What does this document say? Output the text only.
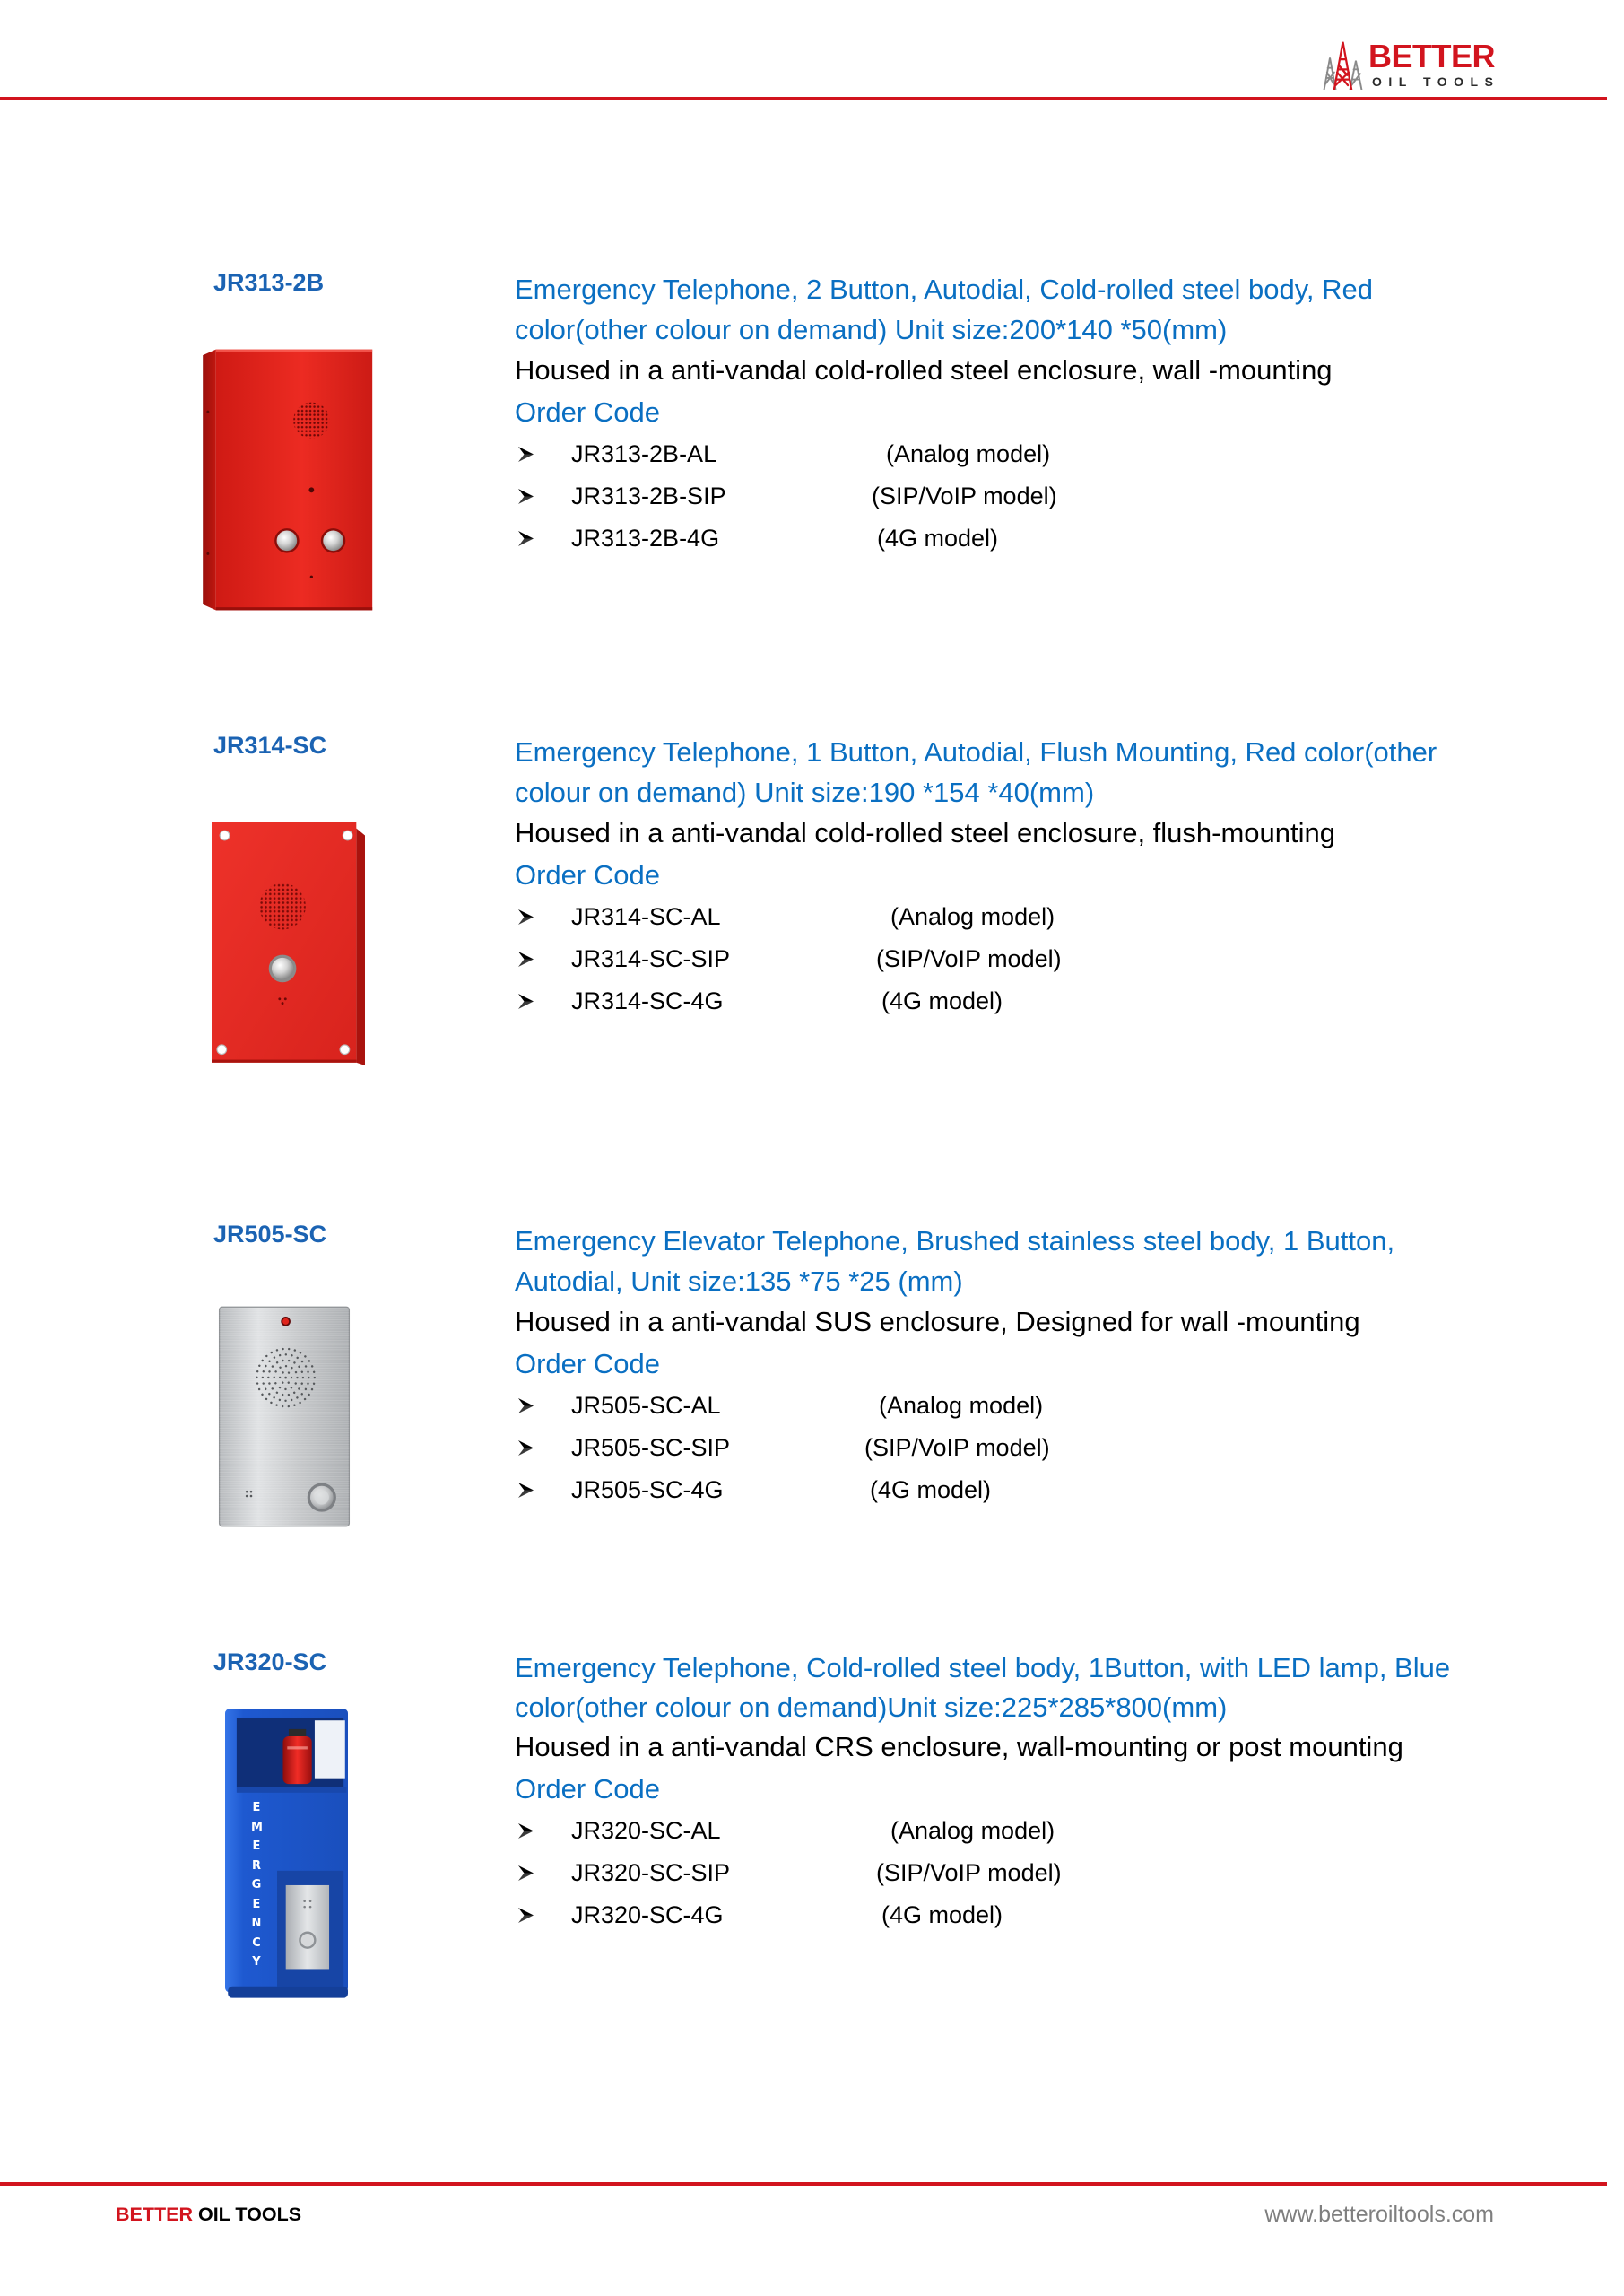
BETTER
OIL TOOLS
JR313-2B	Emergency Telephone, 2 Button, Autodial, Cold-rolled steel body, Red
color(other colour on demand) Unit size:200*140 *50(mm)
Housed in a anti-vandal cold-rolled steel enclosure, wall -mounting
Order Code
JR313-2B-AL	(Analog model)
JR313-2B-SIP	(SIP/VoIP model)
JR313-2B-4G	(4G model)
JR314-SC	Emergency Telephone, 1 Button, Autodial, Flush Mounting, Red color(other
colour on demand) Unit size:190 *154 *40(mm)
Housed in a anti-vandal cold-rolled steel enclosure, flush-mounting
Order Code
JR314-SC-AL	(Analog model)
JR314-SC-SIP	(SIP/VoIP model)
JR314-SC-4G	(4G model)
JR505-SC	Emergency Elevator Telephone, Brushed stainless steel body, 1 Button,
Autodial, Unit size:135 *75 *25 (mm)
Housed in a anti-vandal SUS enclosure, Designed for wall -mounting
Order Code
JR505-SC-AL	(Analog model)
JR505-SC-SIP	(SIP/VoIP model)
JR505-SC-4G	(4G model)
JR320-SC	Emergency Telephone, Cold-rolled steel body, 1Button, with LED lamp, Blue
color(other colour on demand)Unit size:225*285*800(mm)
Housed in a anti-vandal CRS enclosure, wall-mounting or post mounting
Order Code
JR320-SC-AL	(Analog model)
JR320-SC-SIP	(SIP/VoIP model)
JR320-SC-4G	(4G model)
EMERGENCY
BETTER OIL TOOLS	www.betteroiltools.com
